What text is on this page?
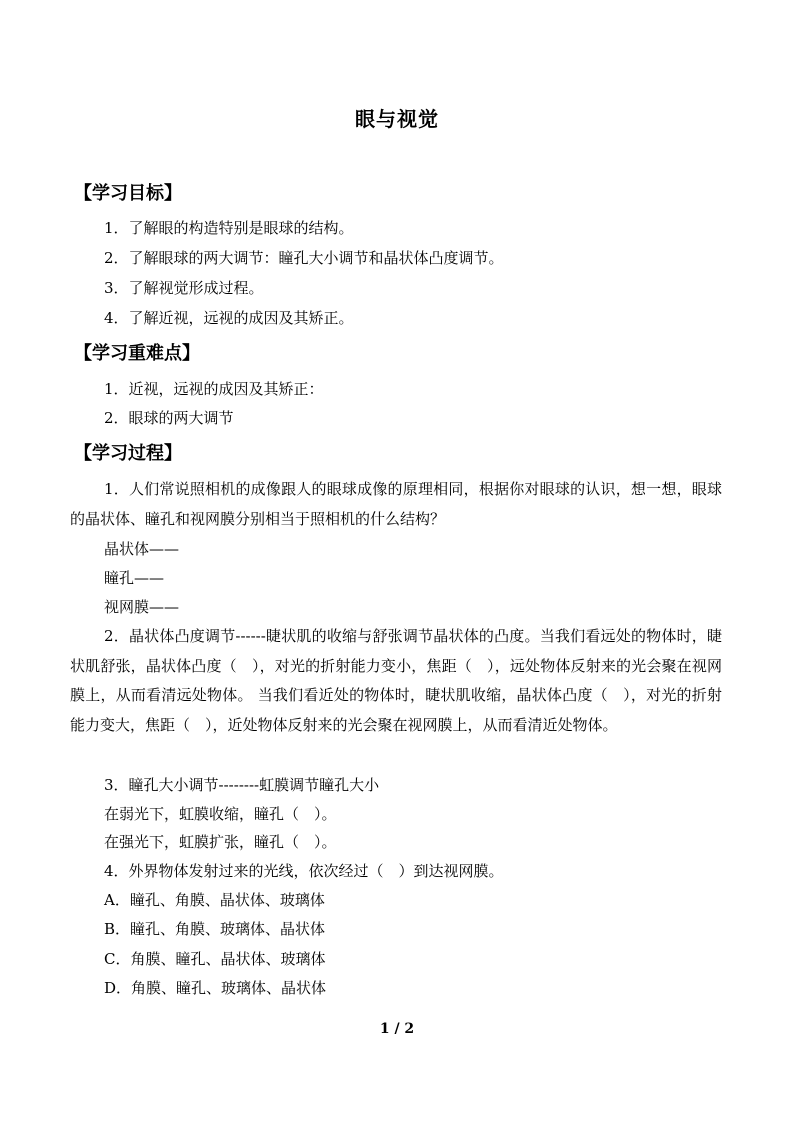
眼与视觉
【学习目标】
1．了解眼的构造特别是眼球的结构。
2．了解眼球的两大调节：瞳孔大小调节和晶状体凸度调节。
3．了解视觉形成过程。
4．了解近视，远视的成因及其矫正。
【学习重难点】
1．近视，远视的成因及其矫正：
2．眼球的两大调节
【学习过程】
1．人们常说照相机的成像跟人的眼球成像的原理相同，根据你对眼球的认识，想一想，眼球的晶状体、瞳孔和视网膜分别相当于照相机的什么结构？
晶状体——
瞳孔——
视网膜——
2．晶状体凸度调节------睫状肌的收缩与舒张调节晶状体的凸度。当我们看远处的物体时，睫状肌舒张，晶状体凸度（　），对光的折射能力变小，焦距（　），远处物体反射来的光会聚在视网膜上，从而看清远处物体。 当我们看近处的物体时，睫状肌收缩，晶状体凸度（　），对光的折射能力变大，焦距（　），近处物体反射来的光会聚在视网膜上，从而看清近处物体。
3．瞳孔大小调节--------虹膜调节瞳孔大小
在弱光下，虹膜收缩，瞳孔（　）。
在强光下，虹膜扩张，瞳孔（　）。
4．外界物体发射过来的光线，依次经过（　）到达视网膜。
A．瞳孔、角膜、晶状体、玻璃体
B．瞳孔、角膜、玻璃体、晶状体
C．角膜、瞳孔、晶状体、玻璃体
D．角膜、瞳孔、玻璃体、晶状体
1 / 2
